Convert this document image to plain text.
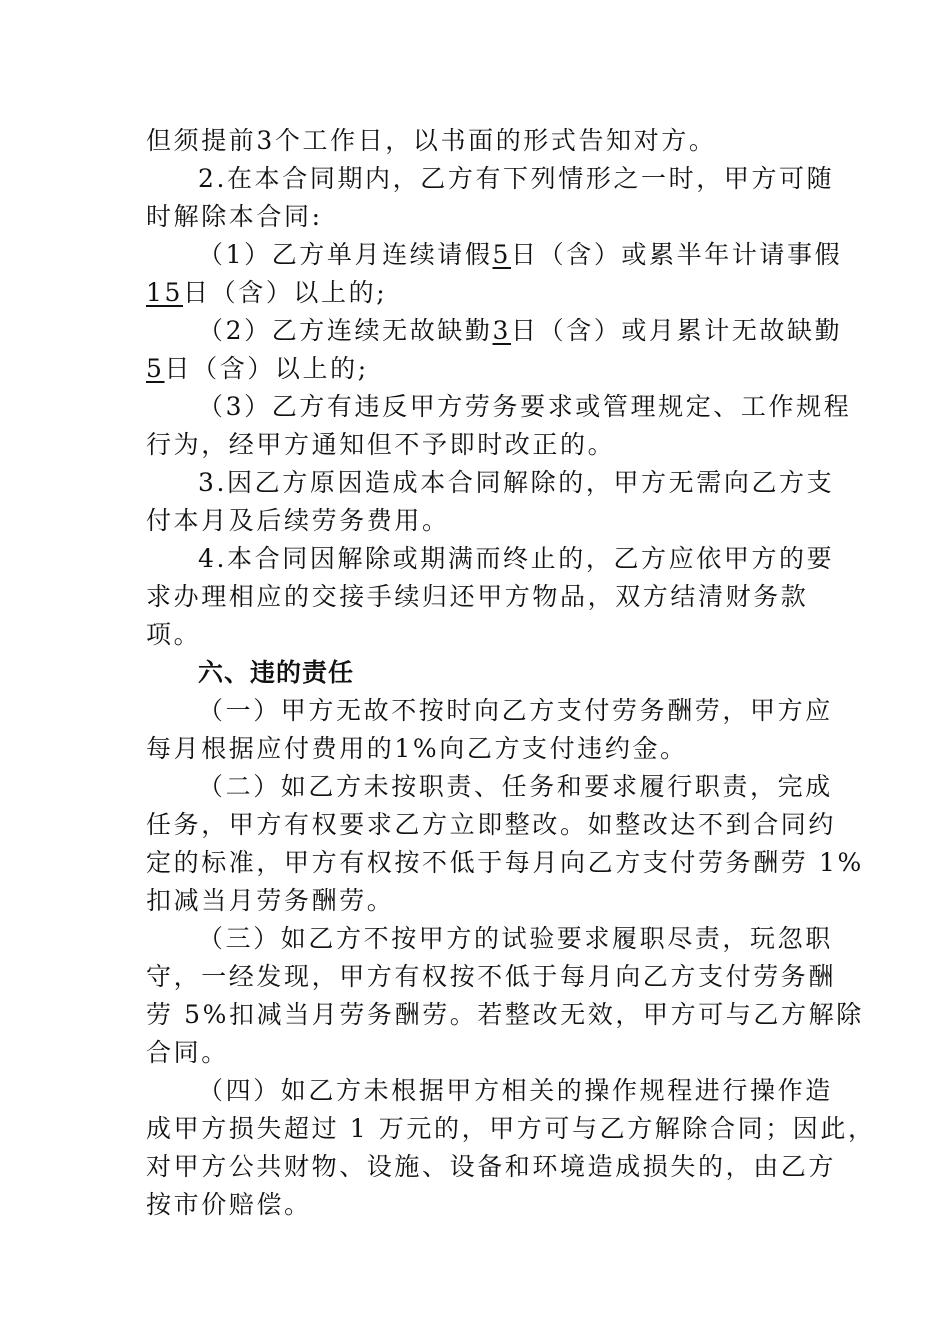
但须提前3个工作日，以书面的形式告知对方。
2.在本合同期内，乙方有下列情形之一时，甲方可随
时解除本合同:
（1）乙方单月连续请假5日（含）或累半年计请事假
15日（含）以上的;
（2）乙方连续无故缺勤3日（含）或月累计无故缺勤
5日（含）以上的;
（3）乙方有违反甲方劳务要求或管理规定、工作规程
行为，经甲方通知但不予即时改正的。
3.因乙方原因造成本合同解除的，甲方无需向乙方支
付本月及后续劳务费用。
4.本合同因解除或期满而终止的，乙方应依甲方的要
求办理相应的交接手续归还甲方物品，双方结清财务款
项。
六、违的责任
（一）甲方无故不按时向乙方支付劳务酬劳，甲方应
每月根据应付费用的1%向乙方支付违约金。
（二）如乙方未按职责、任务和要求履行职责，完成
任务，甲方有权要求乙方立即整改。如整改达不到合同约
定的标准，甲方有权按不低于每月向乙方支付劳务酬劳 1%
扣减当月劳务酬劳。
（三）如乙方不按甲方的试验要求履职尽责，玩忽职
守，一经发现，甲方有权按不低于每月向乙方支付劳务酬
劳 5%扣减当月劳务酬劳。若整改无效，甲方可与乙方解除
合同。
（四）如乙方未根据甲方相关的操作规程进行操作造
成甲方损失超过 1 万元的，甲方可与乙方解除合同；因此，
对甲方公共财物、设施、设备和环境造成损失的，由乙方
按市价赔偿。
